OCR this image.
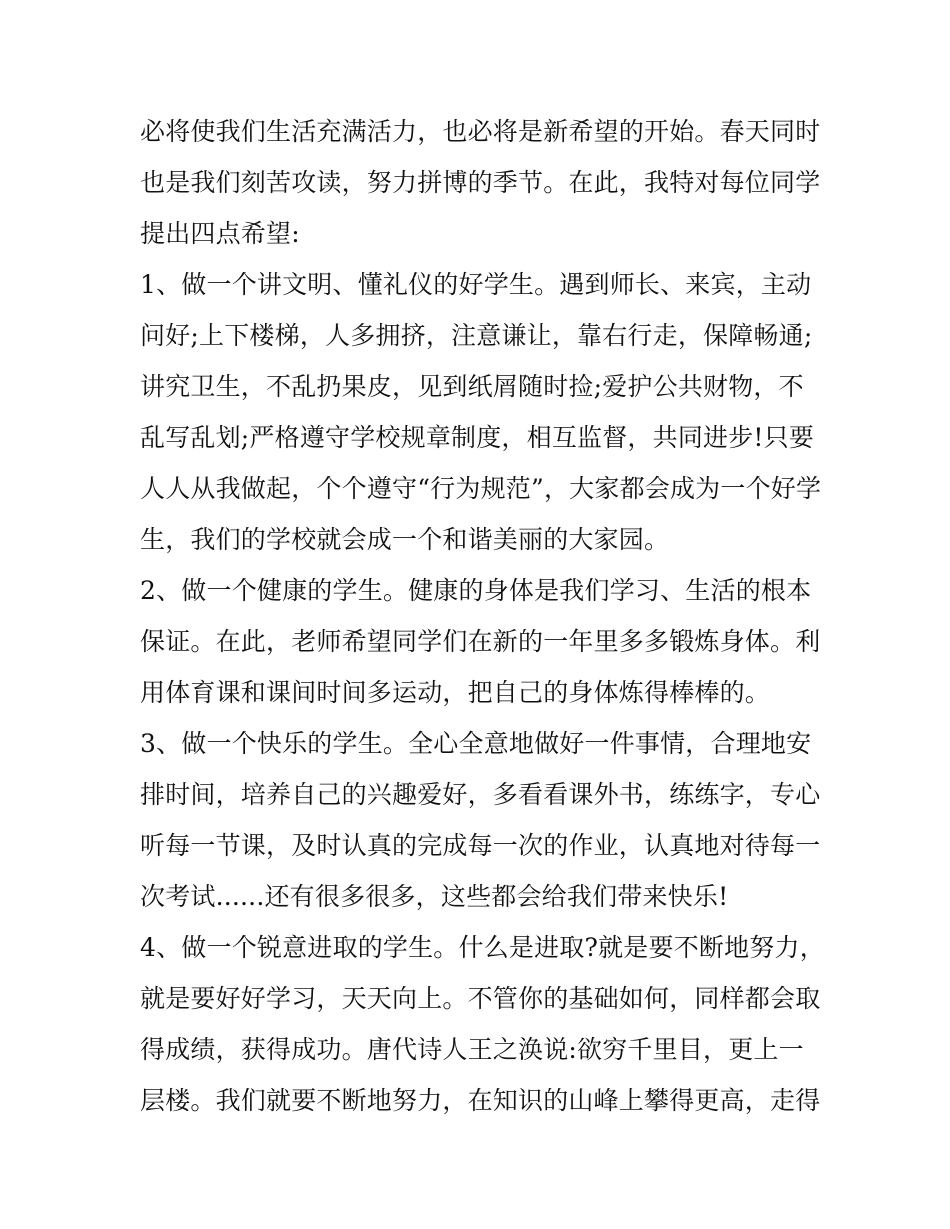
必将使我们生活充满活力，也必将是新希望的开始。春天同时
也是我们刻苦攻读，努力拼博的季节。在此，我特对每位同学
提出四点希望:
1、做一个讲文明、懂礼仪的好学生。遇到师长、来宾，主动
问好;上下楼梯，人多拥挤，注意谦让，靠右行走，保障畅通;
讲究卫生，不乱扔果皮，见到纸屑随时捡;爱护公共财物，不
乱写乱划;严格遵守学校规章制度，相互监督，共同进步!只要
人人从我做起，个个遵守“行为规范”，大家都会成为一个好学
生，我们的学校就会成一个和谐美丽的大家园。
2、做一个健康的学生。健康的身体是我们学习、生活的根本
保证。在此，老师希望同学们在新的一年里多多锻炼身体。利
用体育课和课间时间多运动，把自己的身体炼得棒棒的。
3、做一个快乐的学生。全心全意地做好一件事情，合理地安
排时间，培养自己的兴趣爱好，多看看课外书，练练字，专心
听每一节课，及时认真的完成每一次的作业，认真地对待每一
次考试......还有很多很多，这些都会给我们带来快乐!
4、做一个锐意进取的学生。什么是进取?就是要不断地努力，
就是要好好学习，天天向上。不管你的基础如何，同样都会取
得成绩，获得成功。唐代诗人王之涣说:欲穷千里目，更上一
层楼。我们就要不断地努力，在知识的山峰上攀得更高，走得
